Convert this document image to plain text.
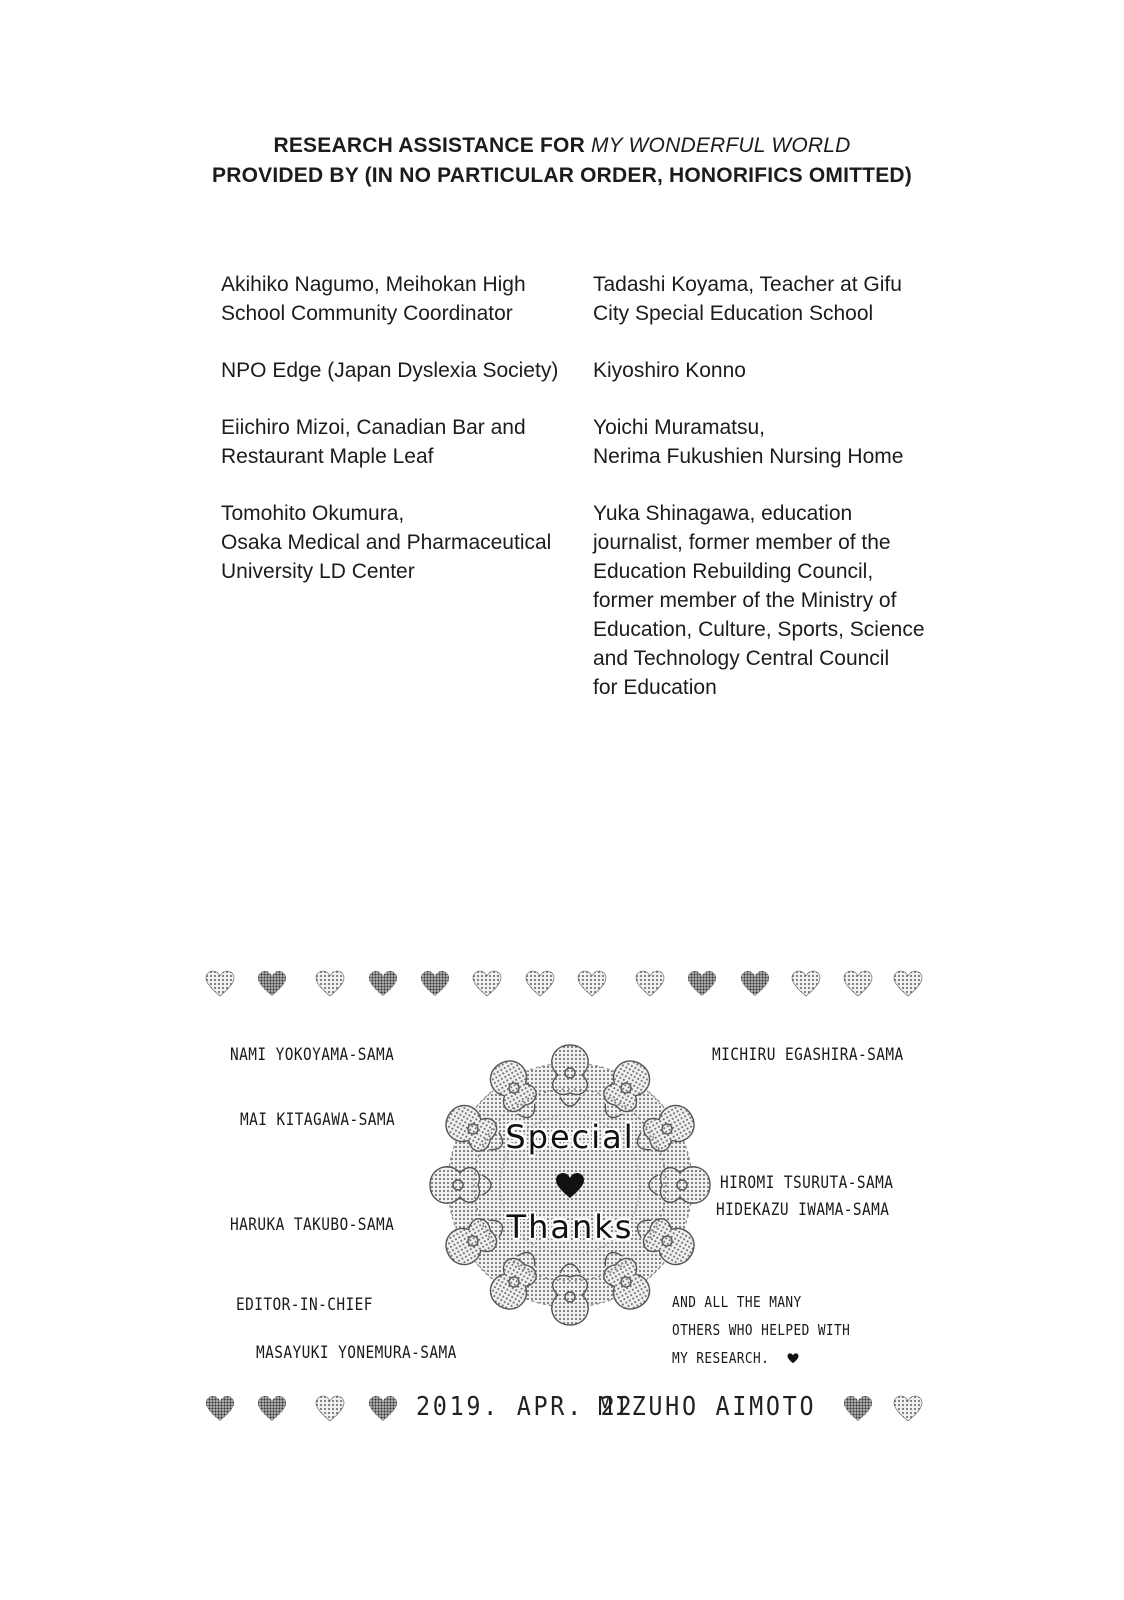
RESEARCH ASSISTANCE FOR MY WONDERFUL WORLD
PROVIDED BY (IN NO PARTICULAR ORDER, HONORIFICS OMITTED)
Akihiko Nagumo, Meihokan High
School Community Coordinator
NPO Edge (Japan Dyslexia Society)
Eiichiro Mizoi, Canadian Bar and
Restaurant Maple Leaf
Tomohito Okumura,
Osaka Medical and Pharmaceutical
University LD Center
Tadashi Koyama, Teacher at Gifu
City Special Education School
Kiyoshiro Konno
Yoichi Muramatsu,
Nerima Fukushien Nursing Home
Yuka Shinagawa, education
journalist, former member of the
Education Rebuilding Council,
former member of the Ministry of
Education, Culture, Sports, Science
and Technology Central Council
for Education
Special
Thanks
NAMI YOKOYAMA-SAMA
MAI KITAGAWA-SAMA
HARUKA TAKUBO-SAMA
EDITOR-IN-CHIEF
MASAYUKI YONEMURA-SAMA
MICHIRU EGASHIRA-SAMA
HIROMI TSURUTA-SAMA
HIDEKAZU IWAMA-SAMA
AND ALL THE MANY
OTHERS WHO HELPED WITH
MY RESEARCH.
2019. APR. 22
MIZUHO AIMOTO
